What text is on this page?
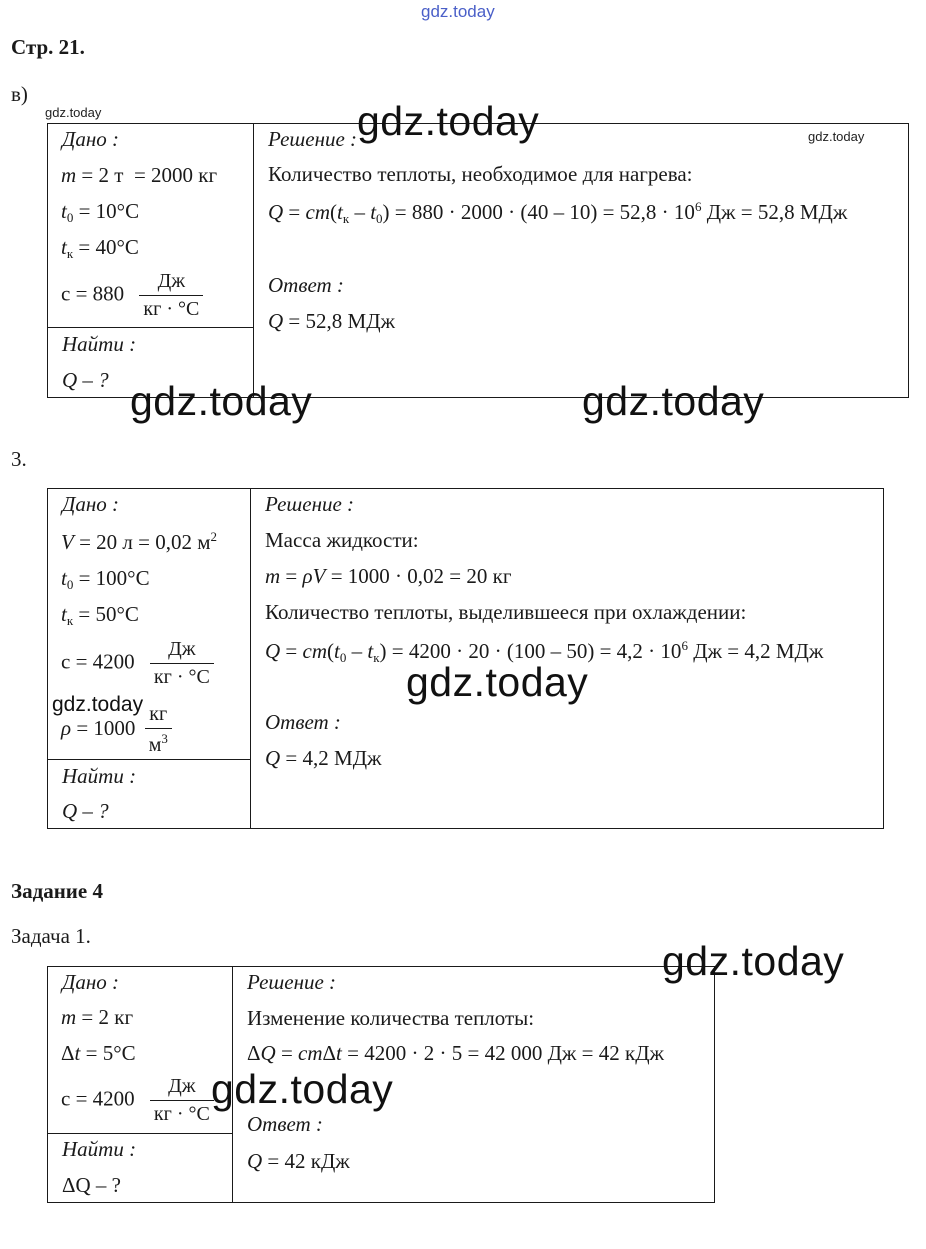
gdz.today
Стр. 21.
в)
gdz.today
Дано :
m = 2 т  = 2000 кг
$t_0 = 10^\circ C$
$t_к = 40^\circ C$
$c = 880 \frac{Дж}{кг \cdot ^\circ C}$
Найти :
Q – ?
Решение :	gdz.today
Количество теплоты, необходимое для нагрева:
$Q = cm(t_к - t_0) = 880 \cdot 2000 \cdot (40 - 10) = 52,8 \cdot 10^6$ Дж = 52,8 МДж
Ответ :
Q = 52,8 МДж
3.
Дано :
V = 20 л = 0,02 $м^2$
$t_0 = 100^\circ C$
$t_к = 50^\circ C$
$c = 4200 \frac{Дж}{кг \cdot ^\circ C}$
gdz.today
$\rho = 1000 \frac{кг}{м^3}$
Найти :
Q – ?
Решение :
Масса жидкости:
m = ρV = 1000 · 0,02 = 20 кг
Количество теплоты, выделившееся при охлаждении:
$Q = cm(t_0 - t_к) = 4200 \cdot 20 \cdot (100 - 50) = 4,2 \cdot 10^6$ Дж = 4,2 МДж
Ответ :
Q = 4,2 МДж
Задание 4
Задача 1.
Дано :
m = 2 кг
Δt = 5°C
$c = 4200 \frac{Дж}{кг \cdot ^\circ C}$
Найти :
ΔQ – ?
Решение :
Изменение количества теплоты:
ΔQ = cmΔt = 4200 · 2 · 5 = 42 000 Дж = 42 кДж
Ответ :
Q = 42 кДж
gdz.today
gdz.today	gdz.today
gdz.today
gdz.today
gdz.today
